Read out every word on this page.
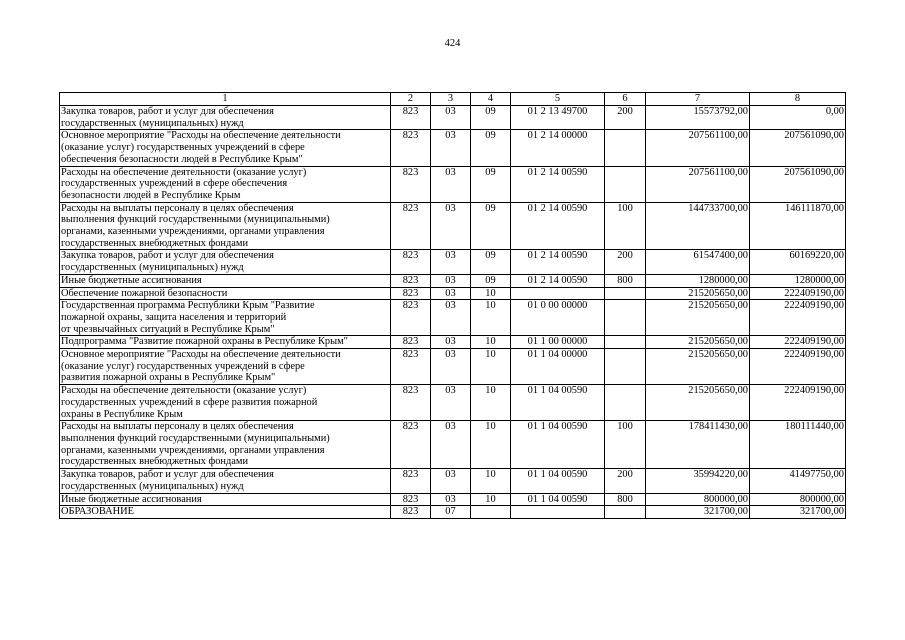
424
1	2	3	4	5	6	7	8
Закупка товаров, работ и услуг для обеспечения
государственных (муниципальных) нужд	823	03	09	01 2 13 49700	200	15573792,00	0,00
Основное мероприятие "Расходы на обеспечение деятельности
(оказание услуг) государственных учреждений в сфере
обеспечения безопасности людей в Республике Крым"	823	03	09	01 2 14 00000		207561100,00	207561090,00
Расходы на обеспечение деятельности (оказание услуг)
государственных учреждений в сфере обеспечения
безопасности людей в Республике Крым	823	03	09	01 2 14 00590		207561100,00	207561090,00
Расходы на выплаты персоналу в целях обеспечения
выполнения функций государственными (муниципальными)
органами, казенными учреждениями, органами управления
государственных внебюджетных фондами	823	03	09	01 2 14 00590	100	144733700,00	146111870,00
Закупка товаров, работ и услуг для обеспечения
государственных (муниципальных) нужд	823	03	09	01 2 14 00590	200	61547400,00	60169220,00
Иные бюджетные ассигнования	823	03	09	01 2 14 00590	800	1280000,00	1280000,00
Обеспечение пожарной безопасности	823	03	10			215205650,00	222409190,00
Государственная программа Республики Крым "Развитие
пожарной охраны, защита населения и территорий
от чрезвычайных ситуаций в Республике Крым"	823	03	10	01 0 00 00000		215205650,00	222409190,00
Подпрограмма "Развитие пожарной охраны в Республике Крым"	823	03	10	01 1 00 00000		215205650,00	222409190,00
Основное мероприятие "Расходы на обеспечение деятельности
(оказание услуг) государственных учреждений в сфере
развития пожарной охраны в Республике Крым"	823	03	10	01 1 04 00000		215205650,00	222409190,00
Расходы на обеспечение деятельности (оказание услуг)
государственных учреждений в сфере развития пожарной
охраны в Республике Крым	823	03	10	01 1 04 00590		215205650,00	222409190,00
Расходы на выплаты персоналу в целях обеспечения
выполнения функций государственными (муниципальными)
органами, казенными учреждениями, органами управления
государственных внебюджетных фондами	823	03	10	01 1 04 00590	100	178411430,00	180111440,00
Закупка товаров, работ и услуг для обеспечения
государственных (муниципальных) нужд	823	03	10	01 1 04 00590	200	35994220,00	41497750,00
Иные бюджетные ассигнования	823	03	10	01 1 04 00590	800	800000,00	800000,00
ОБРАЗОВАНИЕ	823	07				321700,00	321700,00
